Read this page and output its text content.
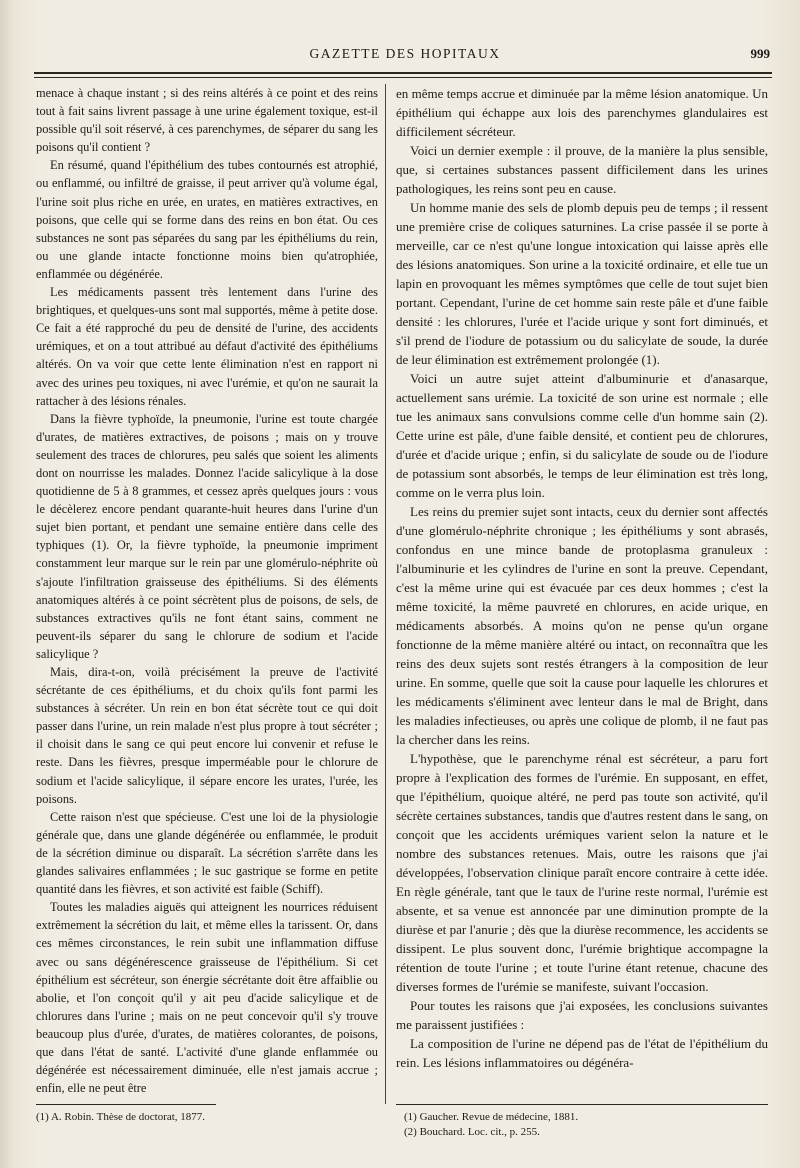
GAZETTE DES HOPITAUX	999

menace à chaque instant ; si des reins altérés à ce point et des reins tout à fait sains livrent passage à une urine également toxique, est-il possible qu'il soit réservé, à ces parenchymes, de séparer du sang les poisons qu'il contient ?

En résumé, quand l'épithélium des tubes contournés est atrophié, ou enflammé, ou infiltré de graisse, il peut arriver qu'à volume égal, l'urine soit plus riche en urée, en urates, en matières extractives, en poisons, que celle qui se forme dans des reins en bon état. Ou ces substances ne sont pas séparées du sang par les épithéliums du rein, ou une glande intacte fonctionne moins bien qu'atrophiée, enflammée ou dégénérée.

Les médicaments passent très lentement dans l'urine des brightiques, et quelques-uns sont mal supportés, même à petite dose. Ce fait a été rapproché du peu de densité de l'urine, des accidents urémiques, et on a tout attribué au défaut d'activité des épithéliums altérés. On va voir que cette lente élimination n'est en rapport ni avec des urines peu toxiques, ni avec l'urémie, et qu'on ne saurait la rattacher à des lésions rénales.

Dans la fièvre typhoïde, la pneumonie, l'urine est toute chargée d'urates, de matières extractives, de poisons ; mais on y trouve seulement des traces de chlorures, peu salés que soient les aliments dont on nourrisse les malades. Donnez l'acide salicylique à la dose quotidienne de 5 à 8 grammes, et cessez après quelques jours : vous le décèlerez encore pendant quarante-huit heures dans l'urine d'un sujet bien portant, et pendant une semaine entière dans celle des typhiques (1). Or, la fièvre typhoïde, la pneumonie impriment constamment leur marque sur le rein par une glomérulo-néphrite où s'ajoute l'infiltration graisseuse des épithéliums. Si des éléments anatomiques altérés à ce point sécrètent plus de poisons, de sels, de substances extractives qu'ils ne font étant sains, comment ne peuvent-ils séparer du sang le chlorure de sodium et l'acide salicylique ?

Mais, dira-t-on, voilà précisément la preuve de l'activité sécrétante de ces épithéliums, et du choix qu'ils font parmi les substances à sécréter. Un rein en bon état sécrète tout ce qui doit passer dans l'urine, un rein malade n'est plus propre à tout sécréter ; il choisit dans le sang ce qui peut encore lui convenir et refuse le reste. Dans les fièvres, presque imperméable pour le chlorure de sodium et l'acide salicylique, il sépare encore les urates, l'urée, les poisons.

Cette raison n'est que spécieuse. C'est une loi de la physiologie générale que, dans une glande dégénérée ou enflammée, le produit de la sécrétion diminue ou disparaît. La sécrétion s'arrête dans les glandes salivaires enflammées ; le suc gastrique se forme en petite quantité dans les fièvres, et son activité est faible (Schiff).

Toutes les maladies aiguës qui atteignent les nourrices réduisent extrêmement la sécrétion du lait, et même elles la tarissent. Or, dans ces mêmes circonstances, le rein subit une inflammation diffuse avec ou sans dégénérescence graisseuse de l'épithélium. Si cet épithélium est sécréteur, son énergie sécrétante doit être affaiblie ou abolie, et l'on conçoit qu'il y ait peu d'acide salicylique et de chlorures dans l'urine ; mais on ne peut concevoir qu'il s'y trouve beaucoup plus d'urée, d'urates, de matières colorantes, de poisons, que dans l'état de santé. L'activité d'une glande enflammée ou dégénérée est nécessairement diminuée, elle n'est jamais accrue ; enfin, elle ne peut être

en même temps accrue et diminuée par la même lésion anatomique. Un épithélium qui échappe aux lois des parenchymes glandulaires est difficilement sécréteur.

Voici un dernier exemple : il prouve, de la manière la plus sensible, que, si certaines substances passent difficilement dans les urines pathologiques, les reins sont peu en cause.

Un homme manie des sels de plomb depuis peu de temps ; il ressent une première crise de coliques saturnines. La crise passée il se porte à merveille, car ce n'est qu'une longue intoxication qui laisse après elle des lésions anatomiques. Son urine a la toxicité ordinaire, et elle tue un lapin en provoquant les mêmes symptômes que celle de tout sujet bien portant. Cependant, l'urine de cet homme sain reste pâle et d'une faible densité : les chlorures, l'urée et l'acide urique y sont fort diminués, et s'il prend de l'iodure de potassium ou du salicylate de soude, la durée de leur élimination est extrêmement prolongée (1).

Voici un autre sujet atteint d'albuminurie et d'anasarque, actuellement sans urémie. La toxicité de son urine est normale ; elle tue les animaux sans convulsions comme celle d'un homme sain (2). Cette urine est pâle, d'une faible densité, et contient peu de chlorures, d'urée et d'acide urique ; enfin, si du salicylate de soude ou de l'iodure de potassium sont absorbés, le temps de leur élimination est très long, comme on le verra plus loin.

Les reins du premier sujet sont intacts, ceux du dernier sont affectés d'une glomérulo-néphrite chronique ; les épithéliums y sont abrasés, confondus en une mince bande de protoplasma granuleux : l'albuminurie et les cylindres de l'urine en sont la preuve. Cependant, c'est la même urine qui est évacuée par ces deux hommes ; c'est la même toxicité, la même pauvreté en chlorures, en acide urique, en médicaments absorbés. A moins qu'on ne pense qu'un organe fonctionne de la même manière altéré ou intact, on reconnaîtra que les reins des deux sujets sont restés étrangers à la composition de leur urine. En somme, quelle que soit la cause pour laquelle les chlorures et les médicaments s'éliminent avec lenteur dans le mal de Bright, dans les maladies infectieuses, ou après une colique de plomb, il ne faut pas la chercher dans les reins.

L'hypothèse, que le parenchyme rénal est sécréteur, a paru fort propre à l'explication des formes de l'urémie. En supposant, en effet, que l'épithélium, quoique altéré, ne perd pas toute son activité, qu'il sécrète certaines substances, tandis que d'autres restent dans le sang, on conçoit que les accidents urémiques varient selon la nature et le nombre des substances retenues. Mais, outre les raisons que j'ai développées, l'observation clinique paraît encore contraire à cette idée. En règle générale, tant que le taux de l'urine reste normal, l'urémie est absente, et sa venue est annoncée par une diminution prompte de la diurèse et par l'anurie ; dès que la diurèse recommence, les accidents se dissipent. Le plus souvent donc, l'urémie brightique accompagne la rétention de toute l'urine ; et toute l'urine étant retenue, chacune des diverses formes de l'urémie se manifeste, suivant l'occasion.

Pour toutes les raisons que j'ai exposées, les conclusions suivantes me paraissent justifiées :

La composition de l'urine ne dépend pas de l'état de l'épithélium du rein. Les lésions inflammatoires ou dégénéra-

(1) A. Robin. Thèse de doctorat, 1877.	(1) Gaucher. Revue de médecine, 1881.
(2) Bouchard. Loc. cit., p. 255.
